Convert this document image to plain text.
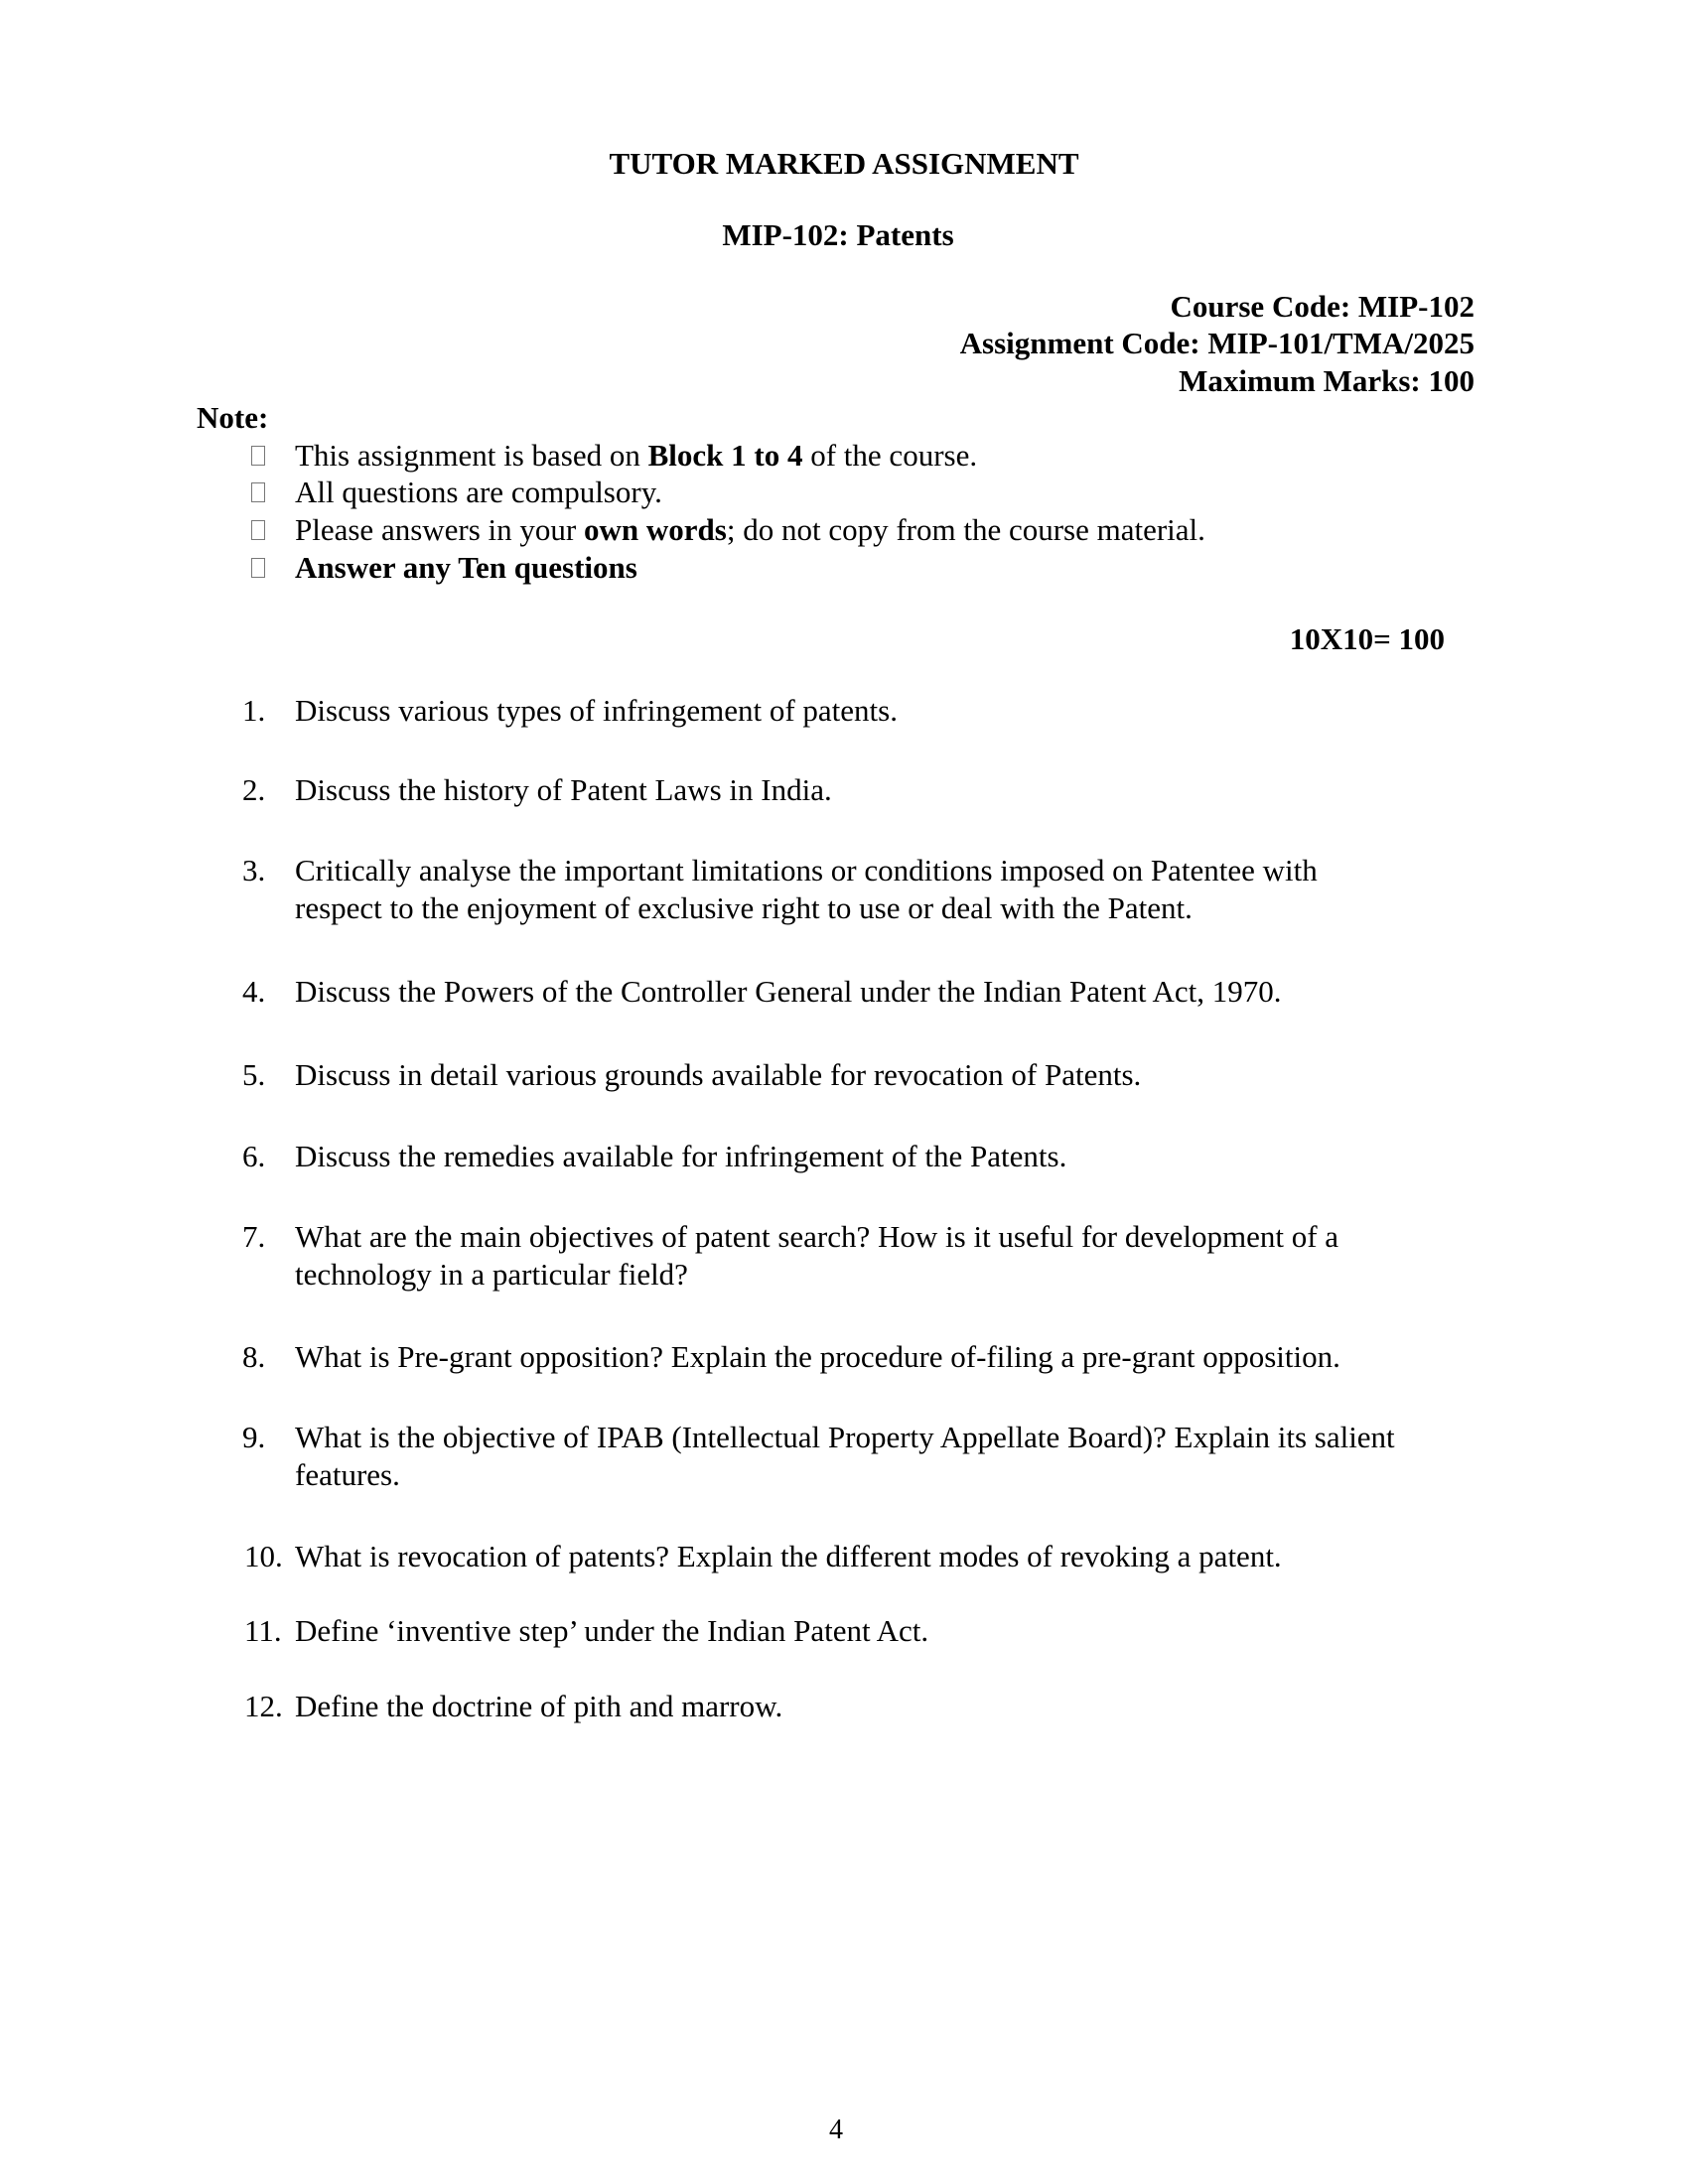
TUTOR MARKED ASSIGNMENT
MIP-102: Patents
Course Code: MIP-102
Assignment Code: MIP-101/TMA/2025
Maximum Marks: 100
Note:
This assignment is based on Block 1 to 4 of the course.
All questions are compulsory.
Please answers in your own words; do not copy from the course material.
Answer any Ten questions
10X10= 100
1. Discuss various types of infringement of patents.
2. Discuss the history of Patent Laws in India.
3. Critically analyse the important limitations or conditions imposed on Patentee with
respect to the enjoyment of exclusive right to use or deal with the Patent.
4. Discuss the Powers of the Controller General under the Indian Patent Act, 1970.
5. Discuss in detail various grounds available for revocation of Patents.
6. Discuss the remedies available for infringement of the Patents.
7. What are the main objectives of patent search? How is it useful for development of a
technology in a particular field?
8. What is Pre-grant opposition? Explain the procedure of-filing a pre-grant opposition.
9. What is the objective of IPAB (Intellectual Property Appellate Board)? Explain its salient
features.
10. What is revocation of patents? Explain the different modes of revoking a patent.
11. Define ‘inventive step’ under the Indian Patent Act.
12. Define the doctrine of pith and marrow.
4
